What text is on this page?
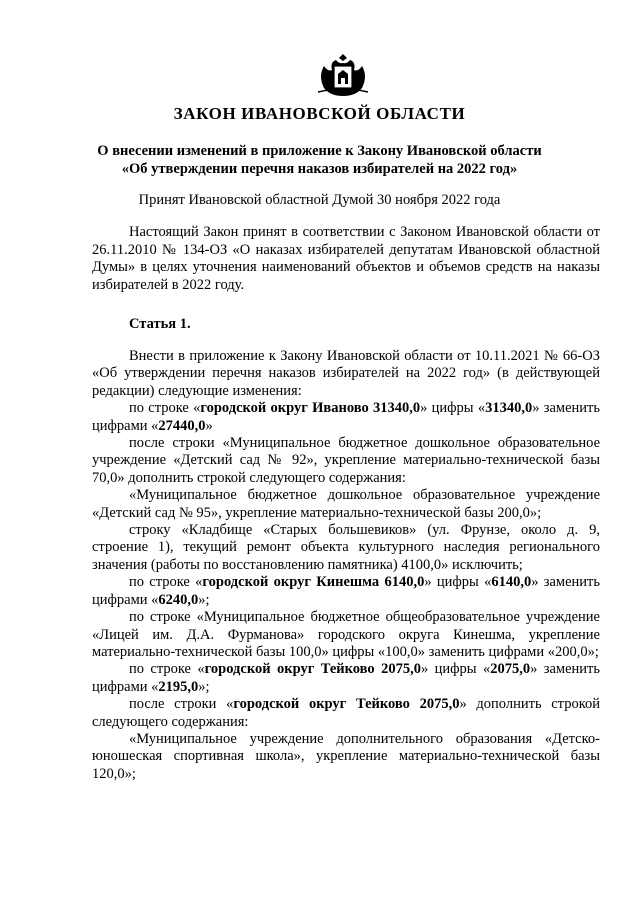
ЗАКОН ИВАНОВСКОЙ ОБЛАСТИ
О внесении изменений в приложение к Закону Ивановской области
«Об утверждении перечня наказов избирателей на 2022 год»
Принят Ивановской областной Думой 30 ноября 2022 года

Настоящий Закон принят в соответствии с Законом Ивановской области от 26.11.2010 № 134-ОЗ «О наказах избирателей депутатам Ивановской областной Думы» в целях уточнения наименований объектов и объемов средств на наказы избирателей в 2022 году.

Статья 1.

Внести в приложение к Закону Ивановской области от 10.11.2021 № 66-ОЗ «Об утверждении перечня наказов избирателей на 2022 год» (в действующей редакции) следующие изменения:

по строке «городской округ Иваново 31340,0» цифры «31340,0» заменить цифрами «27440,0»

после строки «Муниципальное бюджетное дошкольное образовательное учреждение «Детский сад № 92», укрепление материально-технической базы 70,0» дополнить строкой следующего содержания:

«Муниципальное бюджетное дошкольное образовательное учреждение «Детский сад № 95», укрепление материально-технической базы 200,0»;

строку «Кладбище «Старых большевиков» (ул. Фрунзе, около д. 9, строение 1), текущий ремонт объекта культурного наследия регионального значения (работы по восстановлению памятника) 4100,0» исключить;

по строке «городской округ Кинешма 6140,0» цифры «6140,0» заменить цифрами «6240,0»;

по строке «Муниципальное бюджетное общеобразовательное учреждение «Лицей им. Д.А. Фурманова» городского округа Кинешма, укрепление материально-технической базы 100,0» цифры «100,0» заменить цифрами «200,0»;

по строке «городской округ Тейково 2075,0» цифры «2075,0» заменить цифрами «2195,0»;

после строки «городской округ Тейково 2075,0» дополнить строкой следующего содержания:

«Муниципальное учреждение дополнительного образования «Детско-юношеская спортивная школа», укрепление материально-технической базы 120,0»;
